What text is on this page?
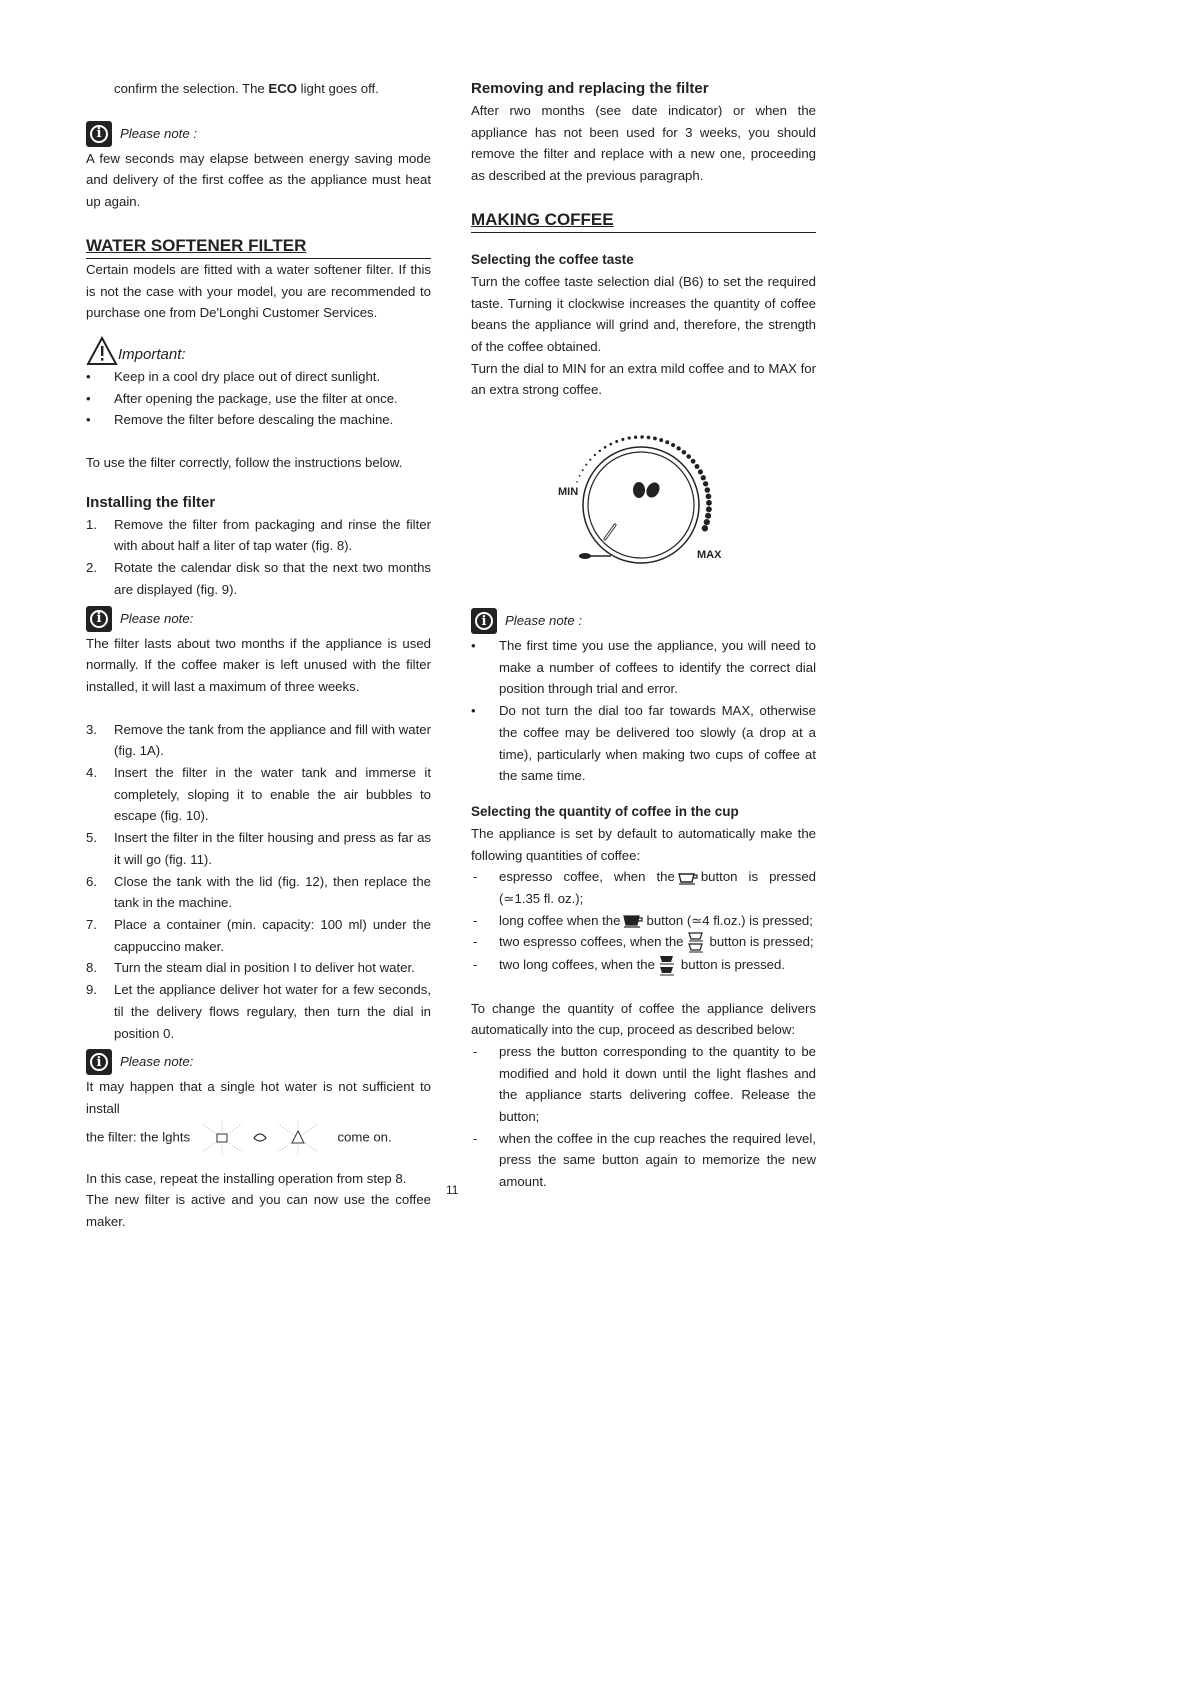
confirm the selection. The ECO light goes off.

i	Please note :

A few seconds may elapse between energy saving mode and delivery of the first coffee as the appliance must heat up again.

WATER SOFTENER FILTER

Certain models are fitted with a water softener filter. If this is not the case with your model, you are recommended to purchase one from De'Longhi Customer Services.

Important:
• Keep in a cool dry place out of direct sunlight.
• After opening the package, use the filter at once.
• Remove the filter before descaling the machine.

To use the filter correctly, follow the instructions below.

Installing the filter
1. Remove the filter from packaging and rinse the filter with about half a liter of tap water (fig. 8).
2. Rotate the calendar disk so that the next two months are displayed (fig. 9).
i	Please note:

The filter lasts about two months if the appliance is used normally. If the coffee maker is left unused with the filter installed, it will last a maximum of three weeks.

3. Remove the tank from the appliance and fill with water (fig. 1A).
4. Insert the filter in the water tank and immerse it completely, sloping it to enable the air bubbles to escape (fig. 10).
5. Insert the filter in the filter housing and press as far as it will go (fig. 11).
6. Close the tank with the lid (fig. 12), then replace the tank in the machine.
7. Place a container (min. capacity: 100 ml) under the cappuccino maker.
8. Turn the steam dial in position I to deliver hot water.
9. Let the appliance deliver hot water for a few seconds, til the delivery flows regulary, then turn the dial in position 0.
i	Please note:

It may happen that a single hot water is not sufficient to install

the filter: the lghts	come on.

In this case, repeat the installing operation from step 8.

The new filter is active and you can now use the coffee maker.

Removing and replacing the filter

After rwo months (see date indicator) or when the appliance has not been used for 3 weeks, you should remove the filter and replace with a new one, proceeding as described at the previous paragraph.

MAKING COFFEE
Selecting the coffee taste

Turn the coffee taste selection dial (B6) to set the required taste. Turning it clockwise increases the quantity of coffee beans the appliance will grind and, therefore, the strength of the coffee obtained.

Turn the dial to MIN for an extra mild coffee and to MAX for an extra strong coffee.

MIN
MAX
i	Please note :
• The first time you use the appliance, you will need to make a number of coffees to identify the correct dial position through trial and error.
• Do not turn the dial too far towards MAX, otherwise the coffee may be delivered too slowly (a drop at a time), particularly when making two cups of coffee at the same time.
Selecting the quantity of coffee in the cup

The appliance is set by default to automatically make the following quantities of coffee:

- espresso coffee, when the button is pressed (≃1.35 fl. oz.);
- long coffee when the button (≃4 fl.oz.) is pressed;
- two espresso coffees, when the button is pressed;
- two long coffees, when the button is pressed.

To change the quantity of coffee the appliance delivers automatically into the cup, proceed as described below:

- press the button corresponding to the quantity to be modified and hold it down until the light flashes and the appliance starts delivering coffee. Release the button;
- when the coffee in the cup reaches the required level, press the same button again to memorize the new amount.
11
